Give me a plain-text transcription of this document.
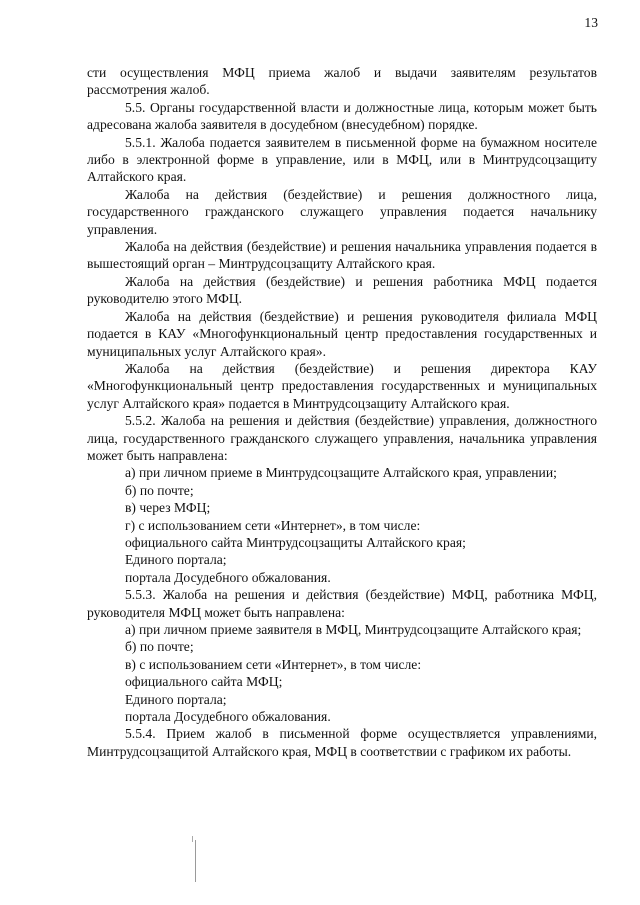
13

сти осуществления МФЦ приема жалоб и выдачи заявителям результатов рассмотрения жалоб.

5.5. Органы государственной власти и должностные лица, которым может быть адресована жалоба заявителя в досудебном (внесудебном) порядке.

5.5.1. Жалоба подается заявителем в письменной форме на бумажном носителе либо в электронной форме в управление, или в МФЦ, или в Минтрудсоцзащиту Алтайского края.

Жалоба на действия (бездействие) и решения должностного лица, государственного гражданского служащего управления подается начальнику управления.

Жалоба на действия (бездействие) и решения начальника управления подается в вышестоящий орган – Минтрудсоцзащиту Алтайского края.

Жалоба на действия (бездействие) и решения работника МФЦ подается руководителю этого МФЦ.

Жалоба на действия (бездействие) и решения руководителя филиала МФЦ подается в КАУ «Многофункциональный центр предоставления государственных и муниципальных услуг Алтайского края».

Жалоба на действия (бездействие) и решения директора КАУ «Многофункциональный центр предоставления государственных и муниципальных услуг Алтайского края» подается в Минтрудсоцзащиту Алтайского края.

5.5.2. Жалоба на решения и действия (бездействие) управления, должностного лица, государственного гражданского служащего управления, начальника управления может быть направлена:

а) при личном приеме в Минтрудсоцзащите Алтайского края, управлении;

б) по почте;

в) через МФЦ;

г) с использованием сети «Интернет», в том числе:

официального сайта Минтрудсоцзащиты Алтайского края;

Единого портала;

портала Досудебного обжалования.

5.5.3. Жалоба на решения и действия (бездействие) МФЦ, работника МФЦ, руководителя МФЦ может быть направлена:

а) при личном приеме заявителя в МФЦ, Минтрудсоцзащите Алтайского края;

б) по почте;

в) с использованием сети «Интернет», в том числе:

официального сайта МФЦ;

Единого портала;

портала Досудебного обжалования.

5.5.4. Прием жалоб в письменной форме осуществляется управлениями, Минтрудсоцзащитой Алтайского края, МФЦ в соответствии с графиком их работы.
